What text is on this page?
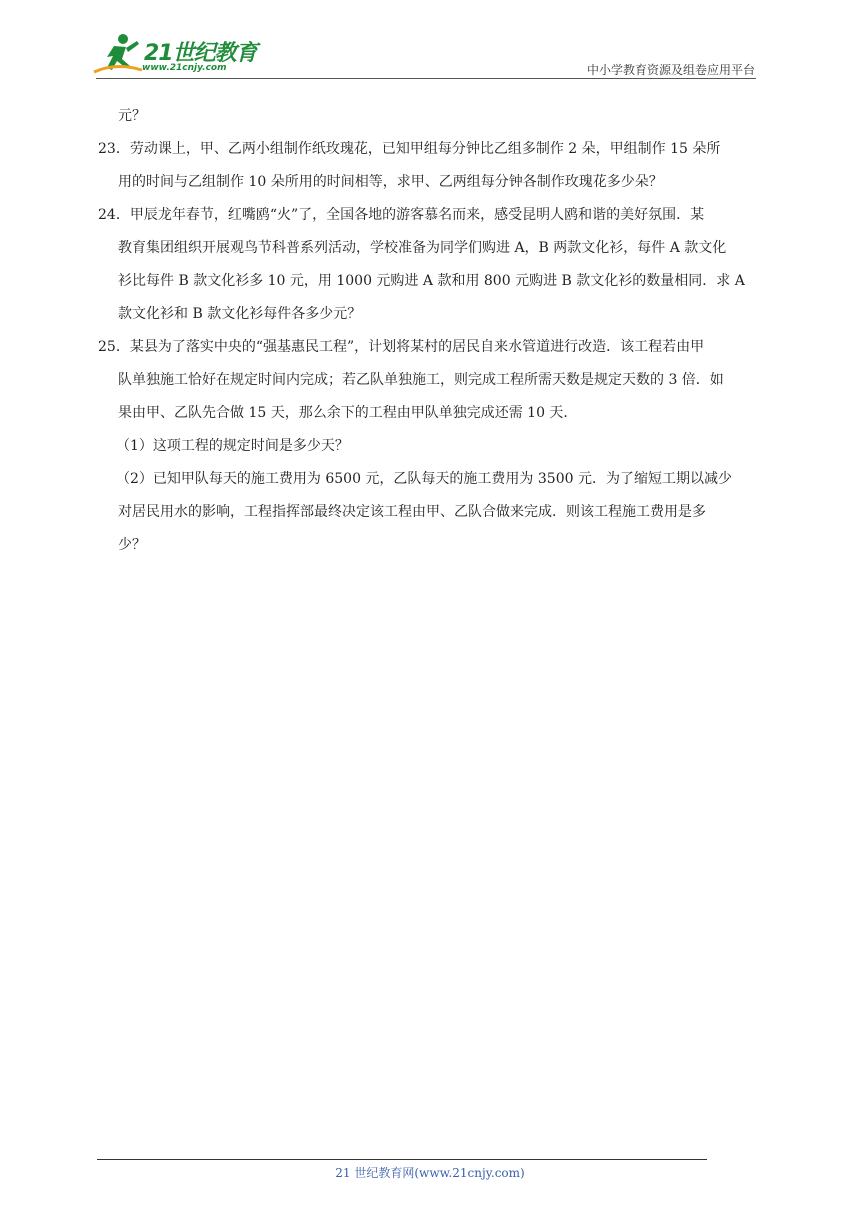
21世纪教育
www.21cnjy.com	中小学教育资源及组卷应用平台
元？
23．劳动课上，甲、乙两小组制作纸玫瑰花，已知甲组每分钟比乙组多制作 2 朵，甲组制作 15 朵所
用的时间与乙组制作 10 朵所用的时间相等，求甲、乙两组每分钟各制作玫瑰花多少朵？
24．甲辰龙年春节，红嘴鸥“火”了，全国各地的游客慕名而来，感受昆明人鸥和谐的美好氛围．某
教育集团组织开展观鸟节科普系列活动，学校准备为同学们购进 A，B 两款文化衫，每件 A 款文化
衫比每件 B 款文化衫多 10 元，用 1000 元购进 A 款和用 800 元购进 B 款文化衫的数量相同．求 A
款文化衫和 B 款文化衫每件各多少元？
25．某县为了落实中央的“强基惠民工程”，计划将某村的居民自来水管道进行改造．该工程若由甲
队单独施工恰好在规定时间内完成；若乙队单独施工，则完成工程所需天数是规定天数的 3 倍．如
果由甲、乙队先合做 15 天，那么余下的工程由甲队单独完成还需 10 天．
（1）这项工程的规定时间是多少天？
（2）已知甲队每天的施工费用为 6500 元，乙队每天的施工费用为 3500 元．为了缩短工期以减少
对居民用水的影响，工程指挥部最终决定该工程由甲、乙队合做来完成．则该工程施工费用是多
少？
21 世纪教育网(www.21cnjy.com)
